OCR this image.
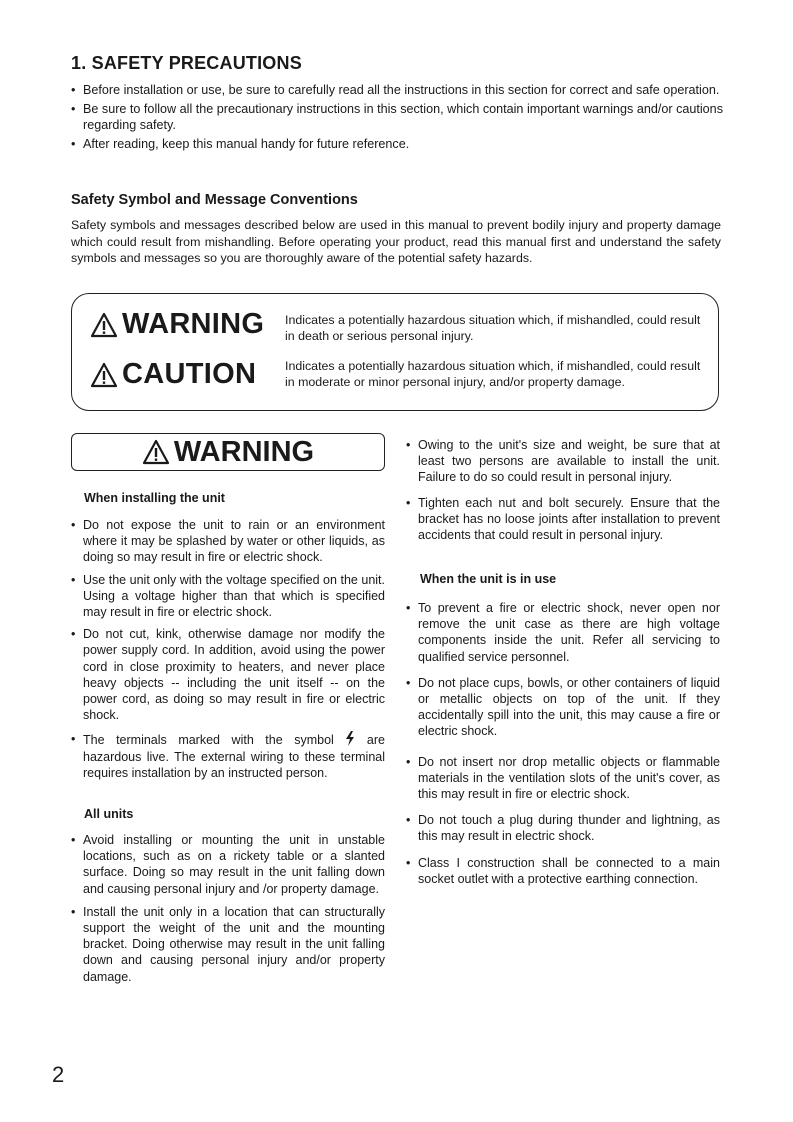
1. SAFETY PRECAUTIONS
• Before installation or use, be sure to carefully read all the instructions in this section for correct and safe operation.
• Be sure to follow all the precautionary instructions in this section, which contain important warnings and/or cautions regarding safety.
• After reading, keep this manual handy for future reference.
Safety Symbol and Message Conventions

Safety symbols and messages described below are used in this manual to prevent bodily injury and property damage which could result from mishandling. Before operating your product, read this manual first and understand the safety symbols and messages so you are thoroughly aware of the potential safety hazards.

WARNING Indicates a potentially hazardous situation which, if mishandled, could result in death or serious personal injury.
CAUTION Indicates a potentially hazardous situation which, if mishandled, could result in moderate or minor personal injury, and/or property damage.
WARNING
When installing the unit
• Do not expose the unit to rain or an environment where it may be splashed by water or other liquids, as doing so may result in fire or electric shock.
• Use the unit only with the voltage specified on the unit. Using a voltage higher than that which is specified may result in fire or electric shock.
• Do not cut, kink, otherwise damage nor modify the power supply cord. In addition, avoid using the power cord in close proximity to heaters, and never place heavy objects -- including the unit itself -- on the power cord, as doing so may result in fire or electric shock.
• The terminals marked with the symbol	are hazardous live. The external wiring to these terminal requires installation by an instructed person.
All units
• Avoid installing or mounting the unit in unstable locations, such as on a rickety table or a slanted surface. Doing so may result in the unit falling down and causing personal injury and /or property damage.
• Install the unit only in a location that can structurally support the weight of the unit and the mounting bracket. Doing otherwise may result in the unit falling down and causing personal injury and/or property damage.
• Owing to the unit's size and weight, be sure that at least two persons are available to install the unit. Failure to do so could result in personal injury.
• Tighten each nut and bolt securely. Ensure that the bracket has no loose joints after installation to prevent accidents that could result in personal injury.
When the unit is in use
• To prevent a fire or electric shock, never open nor remove the unit case as there are high voltage components inside the unit. Refer all servicing to qualified service personnel.
• Do not place cups, bowls, or other containers of liquid or metallic objects on top of the unit. If they accidentally spill into the unit, this may cause a fire or electric shock.
• Do not insert nor drop metallic objects or flammable materials in the ventilation slots of the unit's cover, as this may result in fire or electric shock.
• Do not touch a plug during thunder and lightning, as this may result in electric shock.
• Class I construction shall be connected to a main socket outlet with a protective earthing connection.
2
